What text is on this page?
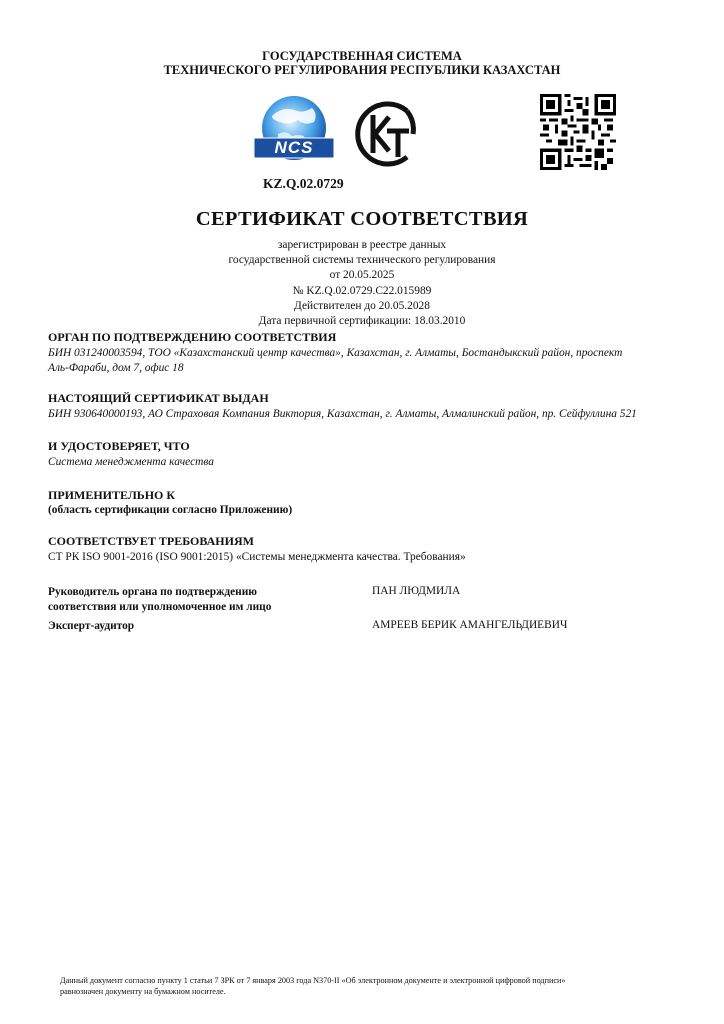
ГОСУДАРСТВЕННАЯ СИСТЕМА
ТЕХНИЧЕСКОГО РЕГУЛИРОВАНИЯ РЕСПУБЛИКИ КАЗАХСТАН
NCS
KZ.Q.02.0729
СЕРТИФИКАТ СООТВЕТСТВИЯ
зарегистрирован в реестре данных
государственной системы технического регулирования
от 20.05.2025
№ KZ.Q.02.0729.C22.015989
Действителен до 20.05.2028
Дата первичной сертификации: 18.03.2010
ОРГАН ПО ПОДТВЕРЖДЕНИЮ СООТВЕТСТВИЯ
БИН 031240003594, ТОО «Казахстанский центр качества», Казахстан, г. Алматы, Бостандыкский район, проспект
Аль-Фараби, дом 7, офис 18
НАСТОЯЩИЙ СЕРТИФИКАТ ВЫДАН
БИН 930640000193, АО Страховая Компания Виктория, Казахстан, г. Алматы, Алмалинский район, пр. Сейфуллина 521
И УДОСТОВЕРЯЕТ, ЧТО
Система менеджмента качества
ПРИМЕНИТЕЛЬНО К
(область сертификации согласно Приложению)
СООТВЕТСТВУЕТ ТРЕБОВАНИЯМ
СТ РК ISO 9001-2016 (ISO 9001:2015) «Системы менеджмента качества. Требования»
Руководитель органа по подтверждению
соответствия или уполномоченное им лицо
ПАН ЛЮДМИЛА
Эксперт-аудитор	АМРЕЕВ БЕРИК АМАНГЕЛЬДИЕВИЧ
Данный документ согласно пункту 1 статьи 7 ЗРК от 7 января 2003 года N370-II «Об электронном документе и электронной цифровой подписи»
равнозначен документу на бумажном носителе.
